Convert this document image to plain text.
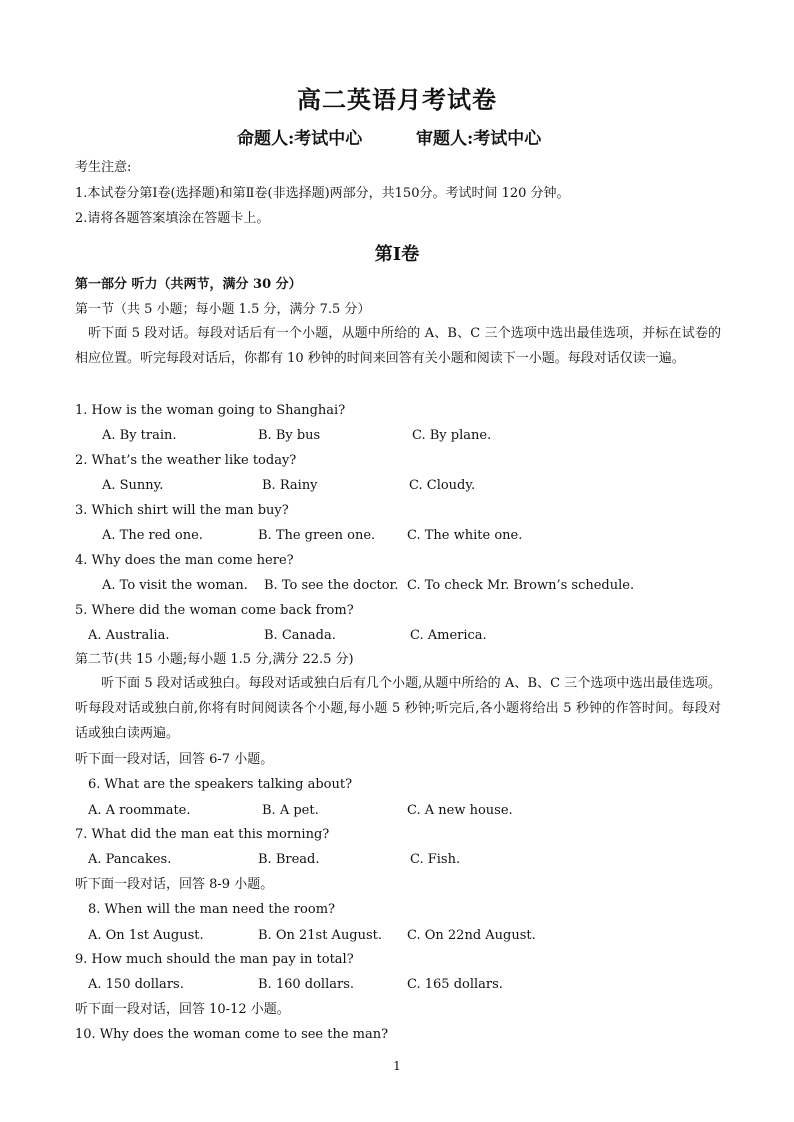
高二英语月考试卷
命题人:考试中心	审题人:考试中心
考生注意:
1.本试卷分第Ⅰ卷(选择题)和第Ⅱ卷(非选择题)两部分，共150分。考试时间 120 分钟。
2.请将各题答案填涂在答题卡上。
第Ⅰ卷
第一部分 听力（共两节，满分 30 分）
第一节（共 5 小题；每小题 1.5 分，满分 7.5 分）
听下面 5 段对话。每段对话后有一个小题，从题中所给的 A、B、C 三个选项中选出最佳选项，并标在试卷的相应位置。听完每段对话后，你都有 10 秒钟的时间来回答有关小题和阅读下一小题。每段对话仅读一遍。
1. How is the woman going to Shanghai?
A. By train.	B. By bus	C. By plane.
2. What’s the weather like today?
A. Sunny.	B. Rainy	C. Cloudy.
3. Which shirt will the man buy?
A. The red one.	B. The green one. C. The white one.
4. Why does the man come here?
A. To visit the woman. B. To see the doctor. C. To check Mr. Brown’s schedule.
5. Where did the woman come back from?
A. Australia.	B. Canada.	C. America.
第二节(共 15 小题;每小题 1.5 分,满分 22.5 分)
听下面 5 段对话或独白。每段对话或独白后有几个小题,从题中所给的 A、B、C 三个选项中选出最佳选项。听每段对话或独白前,你将有时间阅读各个小题,每小题 5 秒钟;听完后,各小题将给出 5 秒钟的作答时间。每段对话或独白读两遍。
听下面一段对话，回答 6-7 小题。
6. What are the speakers talking about?
A. A roommate.	B. A pet.	C. A new house.
7. What did the man eat this morning?
A. Pancakes.	B. Bread.	C. Fish.
听下面一段对话，回答 8-9 小题。
8. When will the man need the room?
A. On 1st August.	B. On 21st August. C. On 22nd August.
9. How much should the man pay in total?
A. 150 dollars.	B. 160 dollars.	C. 165 dollars.
听下面一段对话，回答 10-12 小题。
10. Why does the woman come to see the man?
1
